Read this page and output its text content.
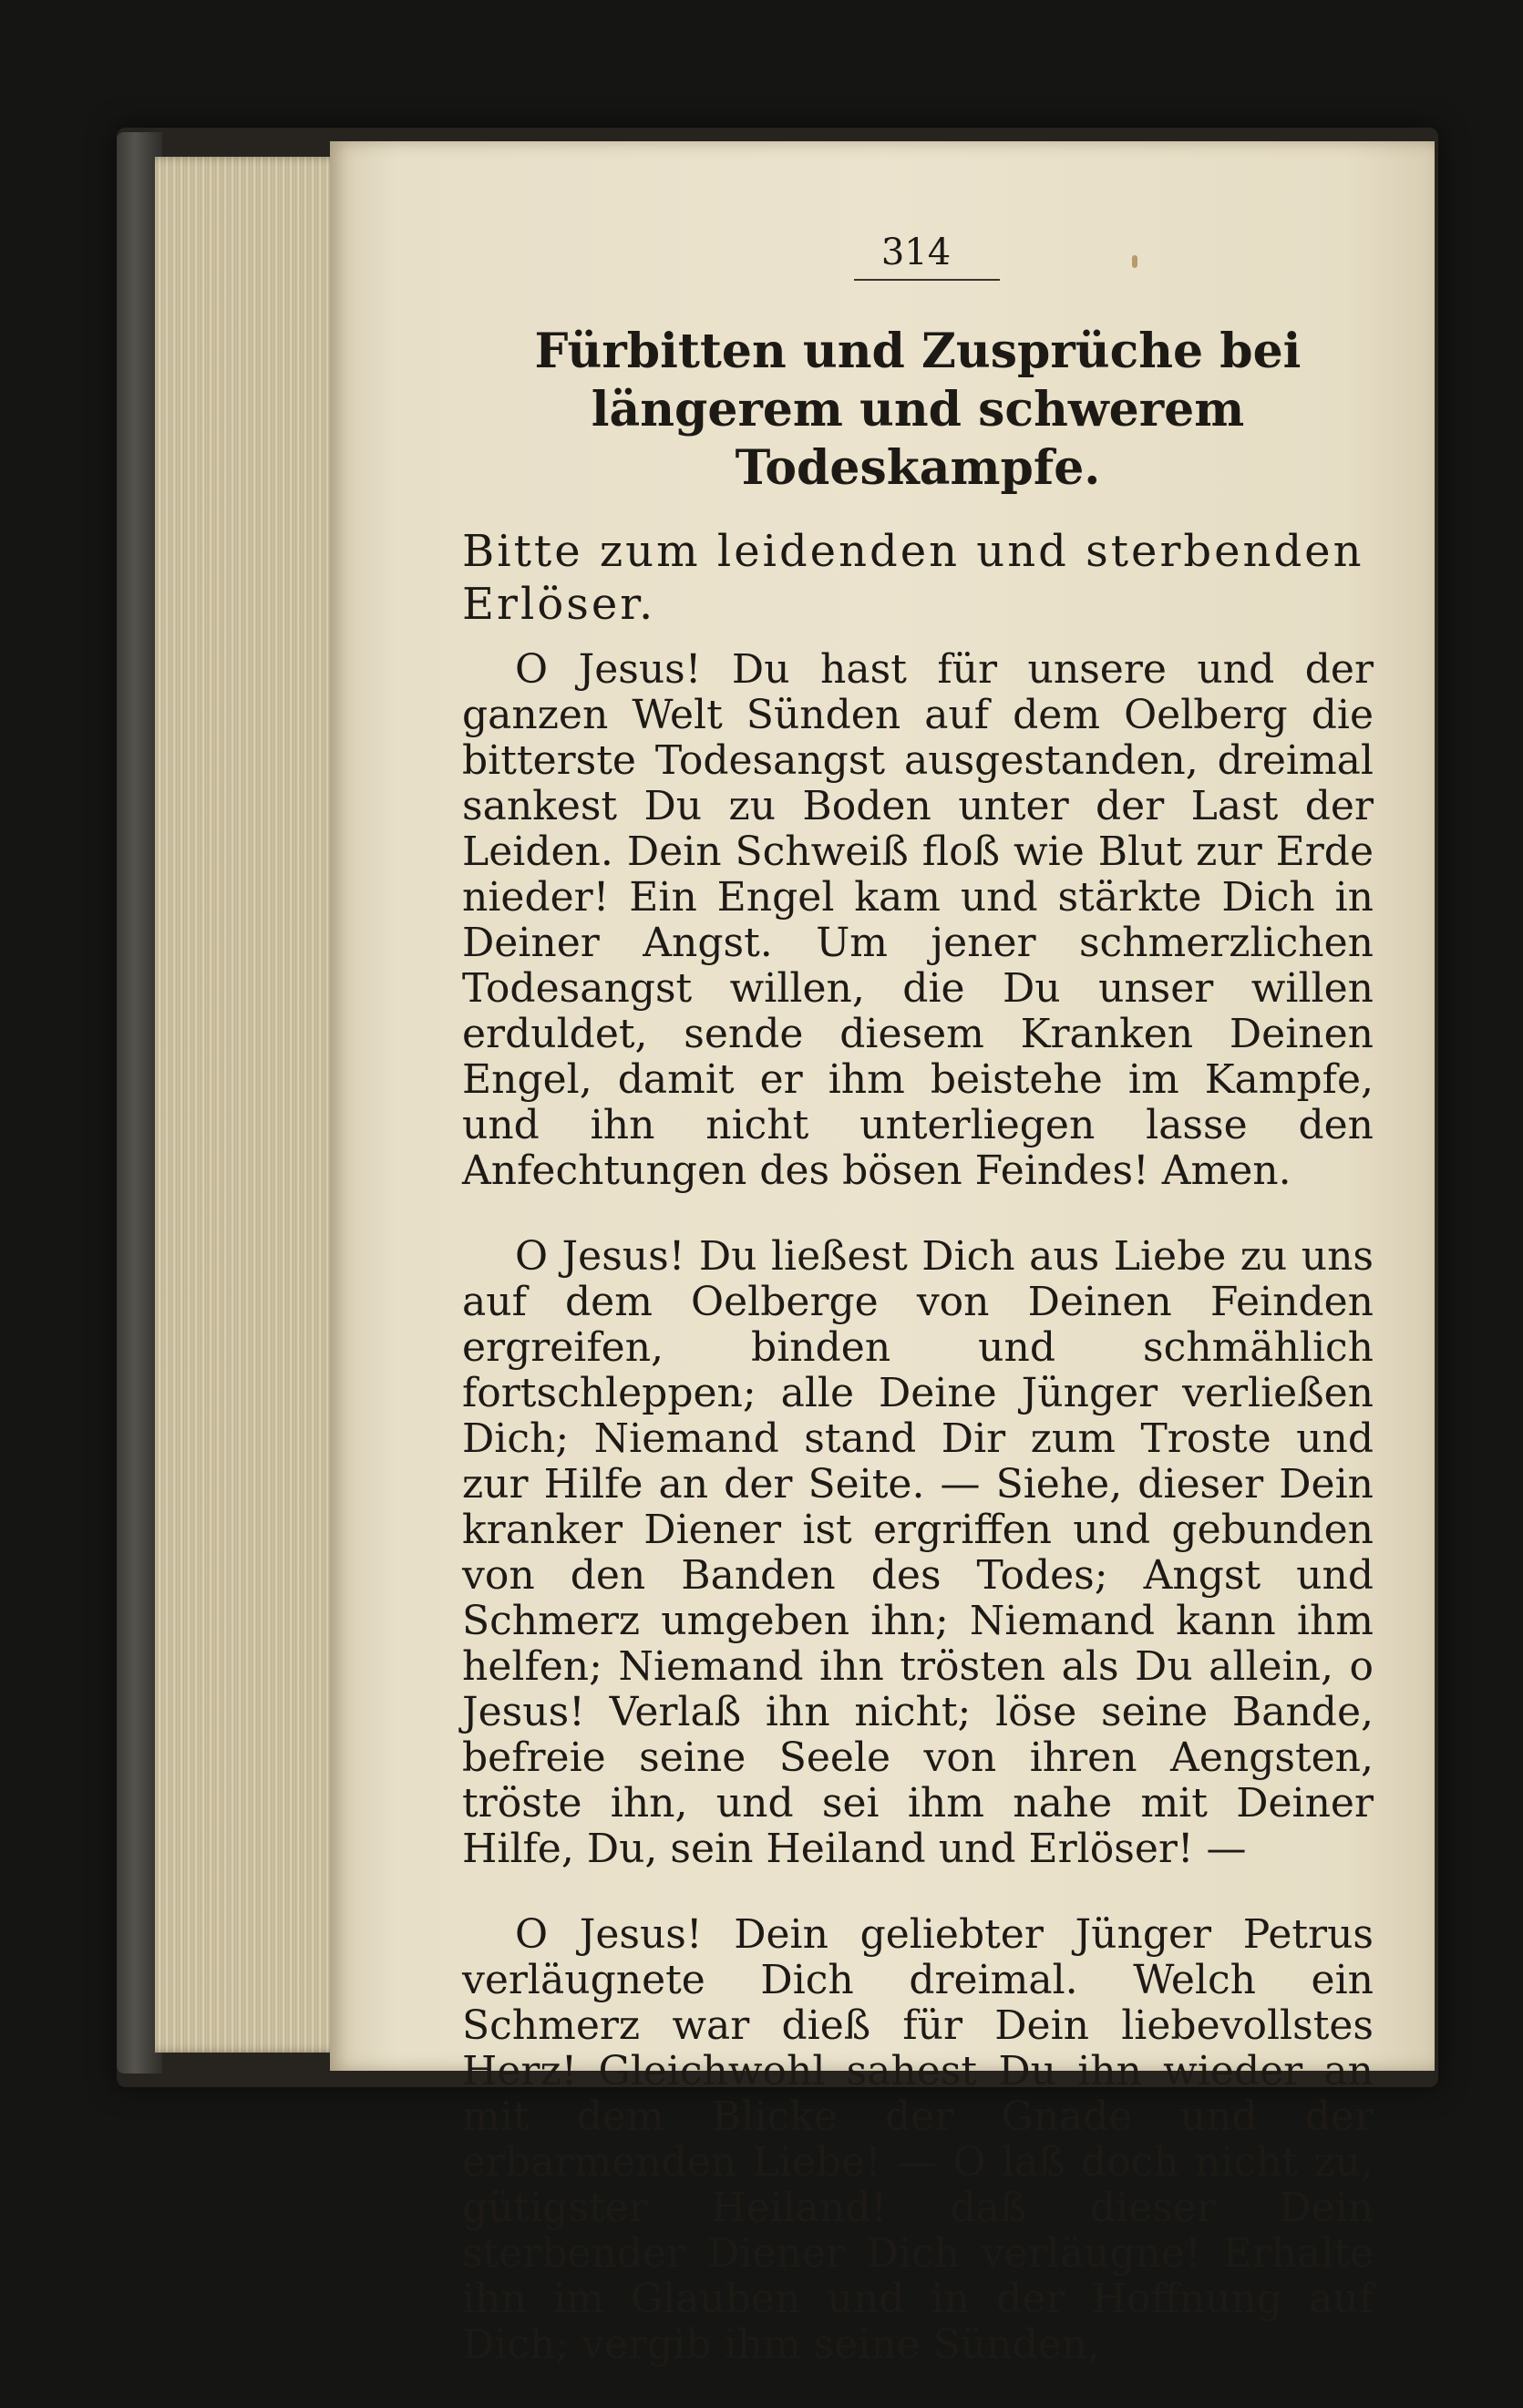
314
Fürbitten und Zusprüche bei längerem und schwerem Todeskampfe.
Bitte zum leidenden und sterbenden Erlöser.

O Jesus! Du hast für unsere und der ganzen Welt Sünden auf dem Oelberg die bitterste Todesangst ausgestanden, dreimal sankest Du zu Boden unter der Last der Leiden. Dein Schweiß floß wie Blut zur Erde nieder! Ein Engel kam und stärkte Dich in Deiner Angst. Um jener schmerzlichen Todesangst willen, die Du unser willen erduldet, sende diesem Kranken Deinen Engel, damit er ihm beistehe im Kampfe, und ihn nicht unterliegen lasse den Anfechtungen des bösen Feindes! Amen.

O Jesus! Du ließest Dich aus Liebe zu uns auf dem Oelberge von Deinen Feinden ergreifen, binden und schmählich fortschleppen; alle Deine Jünger verließen Dich; Niemand stand Dir zum Troste und zur Hilfe an der Seite. — Siehe, dieser Dein kranker Diener ist ergriffen und gebunden von den Banden des Todes; Angst und Schmerz umgeben ihn; Niemand kann ihm helfen; Niemand ihn trösten als Du allein, o Jesus! Verlaß ihn nicht; löse seine Bande, befreie seine Seele von ihren Aengsten, tröste ihn, und sei ihm nahe mit Deiner Hilfe, Du, sein Heiland und Erlöser! —

O Jesus! Dein geliebter Jünger Petrus verläugnete Dich dreimal. Welch ein Schmerz war dieß für Dein liebevollstes Herz! Gleichwohl sahest Du ihn wieder an mit dem Blicke der Gnade und der erbarmenden Liebe! — O laß doch nicht zu, gütigster Heiland! daß dieser Dein sterbender Diener Dich verläugne! Erhalte ihn im Glauben und in der Hoffnung auf Dich; vergib ihm seine Sünden,
